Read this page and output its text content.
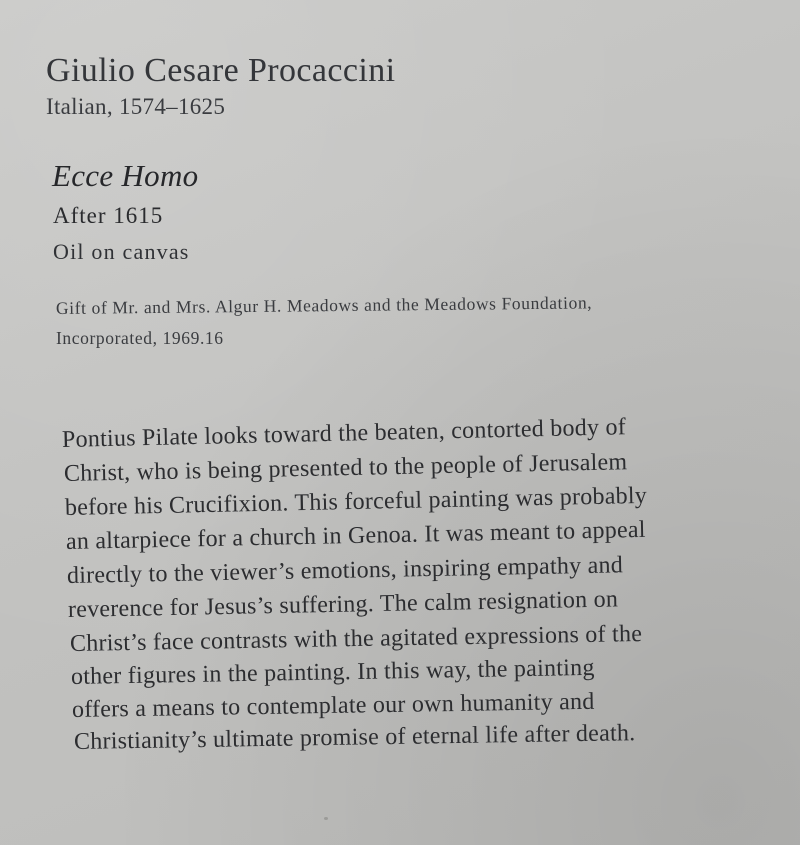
Giulio Cesare Procaccini
Italian, 1574–1625
Ecce Homo
After 1615
Oil on canvas
Gift of Mr. and Mrs. Algur H. Meadows and the Meadows Foundation,
Incorporated, 1969.16
Pontius Pilate looks toward the beaten, contorted body of
Christ, who is being presented to the people of Jerusalem
before his Crucifixion. This forceful painting was probably
an altarpiece for a church in Genoa. It was meant to appeal
directly to the viewer’s emotions, inspiring empathy and
reverence for Jesus’s suffering. The calm resignation on
Christ’s face contrasts with the agitated expressions of the
other figures in the painting. In this way, the painting
offers a means to contemplate our own humanity and
Christianity’s ultimate promise of eternal life after death.
